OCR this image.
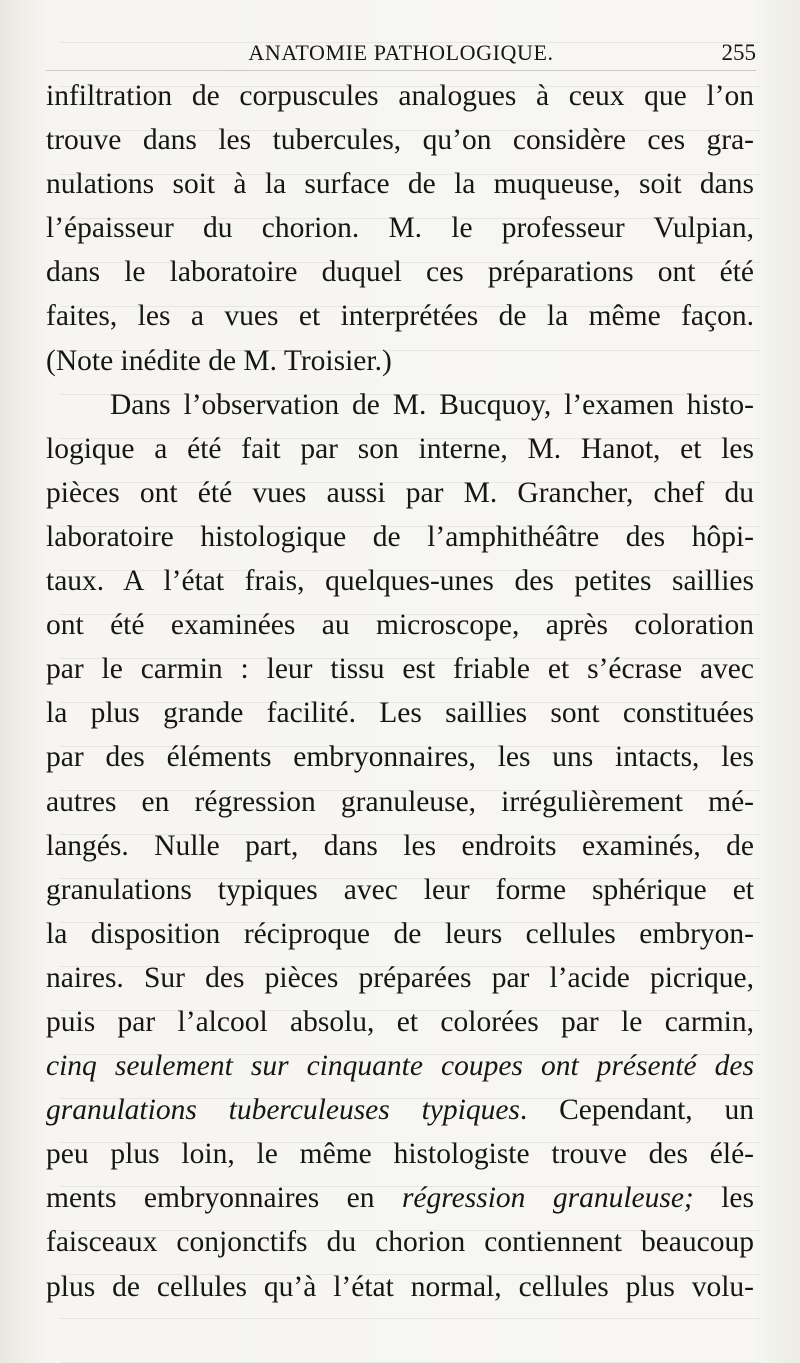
ANATOMIE PATHOLOGIQUE.	255
infiltration de corpuscules analogues à ceux que l’on
trouve dans les tubercules, qu’on considère ces gra-
nulations soit à la surface de la muqueuse, soit dans
l’épaisseur du chorion. M. le professeur Vulpian,
dans le laboratoire duquel ces préparations ont été
faites, les a vues et interprétées de la même façon.
(Note inédite de M. Troisier.)
Dans l’observation de M. Bucquoy, l’examen histo-
logique a été fait par son interne, M. Hanot, et les
pièces ont été vues aussi par M. Grancher, chef du
laboratoire histologique de l’amphithéâtre des hôpi-
taux. A l’état frais, quelques-unes des petites saillies
ont été examinées au microscope, après coloration
par le carmin : leur tissu est friable et s’écrase avec
la plus grande facilité. Les saillies sont constituées
par des éléments embryonnaires, les uns intacts, les
autres en régression granuleuse, irrégulièrement mé-
langés. Nulle part, dans les endroits examinés, de
granulations typiques avec leur forme sphérique et
la disposition réciproque de leurs cellules embryon-
naires. Sur des pièces préparées par l’acide picrique,
puis par l’alcool absolu, et colorées par le carmin,
cinq seulement sur cinquante coupes ont présenté des
granulations tuberculeuses typiques. Cependant, un
peu plus loin, le même histologiste trouve des élé-
ments embryonnaires en régression granuleuse; les
faisceaux conjonctifs du chorion contiennent beaucoup
plus de cellules qu’à l’état normal, cellules plus volu-
